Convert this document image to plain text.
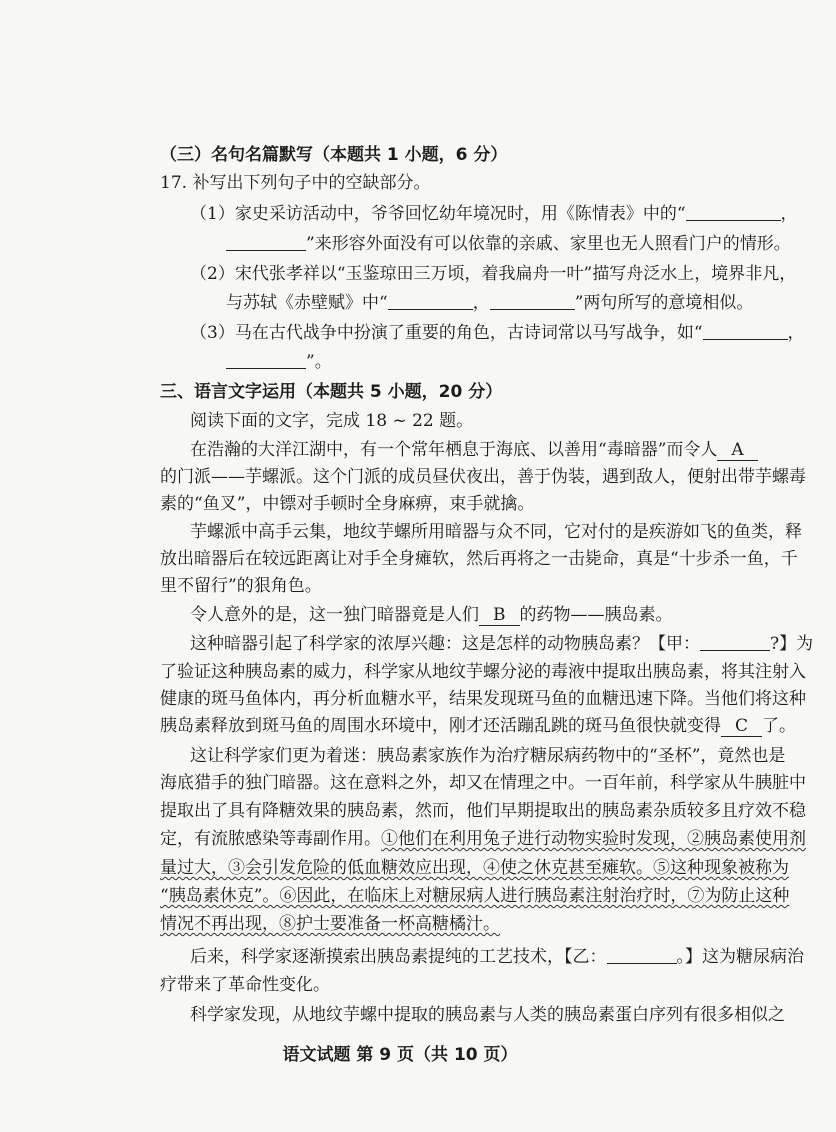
（三）名句名篇默写（本题共 1 小题，6 分）
17. 补写出下列句子中的空缺部分。
（1）家史采访活动中，爷爷回忆幼年境况时，用《陈情表》中的“	，
”来形容外面没有可以依靠的亲戚、家里也无人照看门户的情形。
（2）宋代张孝祥以“玉鉴琼田三万顷，着我扁舟一叶”描写舟泛水上，境界非凡，
与苏轼《赤壁赋》中“	，	”两句所写的意境相似。
（3）马在古代战争中扮演了重要的角色，古诗词常以马写战争，如“	，
”。
三、语言文字运用（本题共 5 小题，20 分）
阅读下面的文字，完成 18 ~ 22 题。
在浩瀚的大洋江湖中，有一个常年栖息于海底、以善用“毒暗器”而令人 A
的门派——芋螺派。这个门派的成员昼伏夜出，善于伪装，遇到敌人，便射出带芋螺毒
素的“鱼叉”，中镖对手顿时全身麻痹，束手就擒。
芋螺派中高手云集，地纹芋螺所用暗器与众不同，它对付的是疾游如飞的鱼类，释
放出暗器后在较远距离让对手全身瘫软，然后再将之一击毙命，真是“十步杀一鱼，千
里不留行”的狠角色。
令人意外的是，这一独门暗器竟是人们 B 的药物——胰岛素。
这种暗器引起了科学家的浓厚兴趣：这是怎样的动物胰岛素？【甲：	?】为
了验证这种胰岛素的威力，科学家从地纹芋螺分泌的毒液中提取出胰岛素，将其注射入
健康的斑马鱼体内，再分析血糖水平，结果发现斑马鱼的血糖迅速下降。当他们将这种
胰岛素释放到斑马鱼的周围水环境中，刚才还活蹦乱跳的斑马鱼很快就变得 C 了。
这让科学家们更为着迷：胰岛素家族作为治疗糖尿病药物中的“圣杯”，竟然也是
海底猎手的独门暗器。这在意料之外，却又在情理之中。一百年前，科学家从牛胰脏中
提取出了具有降糖效果的胰岛素，然而，他们早期提取出的胰岛素杂质较多且疗效不稳
定，有流脓感染等毒副作用。①他们在利用兔子进行动物实验时发现，②胰岛素使用剂
量过大，③会引发危险的低血糖效应出现，④使之休克甚至瘫软。⑤这种现象被称为
“胰岛素休克”。⑥因此，在临床上对糖尿病人进行胰岛素注射治疗时，⑦为防止这种
情况不再出现，⑧护士要准备一杯高糖橘汁。
后来，科学家逐渐摸索出胰岛素提纯的工艺技术，【乙：	。】这为糖尿病治
疗带来了革命性变化。
科学家发现，从地纹芋螺中提取的胰岛素与人类的胰岛素蛋白序列有很多相似之
语文试题 第 9 页（共 10 页）
